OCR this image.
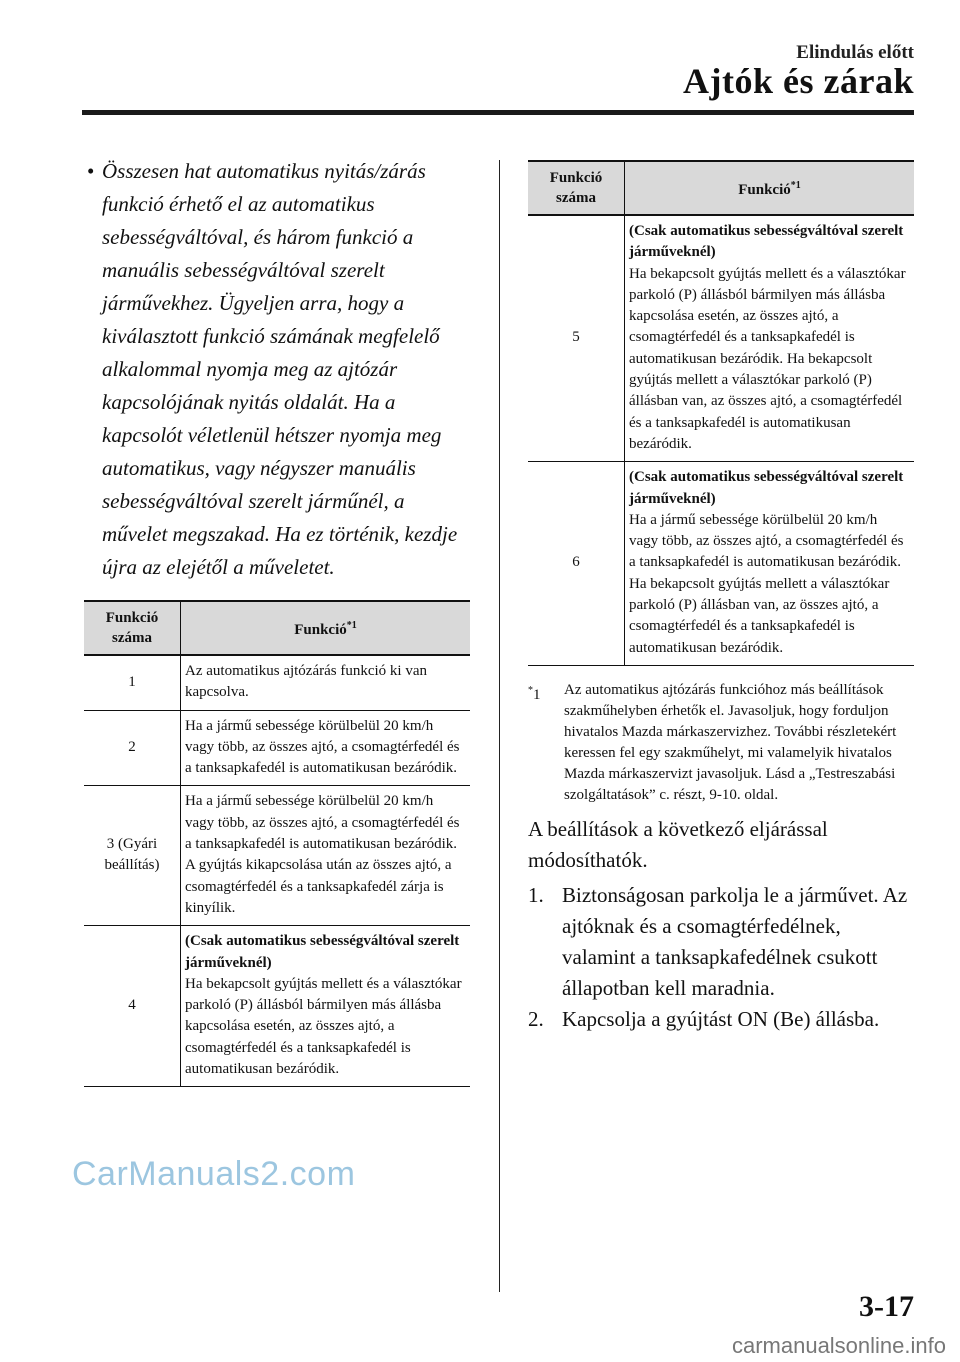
Elindulás előtt
Ajtók és zárak
• Összesen hat automatikus nyitás/zárás funkció érhető el az automatikus sebességváltóval, és három funkció a manuális sebességváltóval szerelt járművekhez. Ügyeljen arra, hogy a kiválasztott funkció számának megfelelő alkalommal nyomja meg az ajtózár kapcsolójának nyitás oldalát. Ha a kapcsolót véletlenül hétszer nyomja meg automatikus, vagy négyszer manuális sebességváltóval szerelt járműnél, a művelet megszakad. Ha ez történik, kezdje újra az elejétől a műveletet.
Funkció száma	Funkció$^{*1}$
1	Az automatikus ajtózárás funkció ki van kapcsolva.
2	Ha a jármű sebessége körülbelül 20 km/h vagy több, az összes ajtó, a csomagtérfedél és a tanksapkafedél is automatikusan bezáródik.
3 (Gyári beállítás)	Ha a jármű sebessége körülbelül 20 km/h vagy több, az összes ajtó, a csomagtérfedél és a tanksapkafedél is automatikusan bezáródik. A gyújtás kikapcsolása után az összes ajtó, a csomagtérfedél és a tanksapkafedél zárja is kinyílik.
4	(Csak automatikus sebességváltóval szerelt járműveknél)
Ha bekapcsolt gyújtás mellett és a választókar parkoló (P) állásból bármilyen más állásba kapcsolása esetén, az összes ajtó, a csomagtérfedél és a tanksapkafedél is automatikusan bezáródik.
Funkció száma	Funkció$^{*1}$
5	(Csak automatikus sebességváltóval szerelt járműveknél)
Ha bekapcsolt gyújtás mellett és a választókar parkoló (P) állásból bármilyen más állásba kapcsolása esetén, az összes ajtó, a csomagtérfedél és a tanksapkafedél is automatikusan bezáródik. Ha bekapcsolt gyújtás mellett a választókar parkoló (P) állásban van, az összes ajtó, a csomagtérfedél és a tanksapkafedél is automatikusan bezáródik.
6	(Csak automatikus sebességváltóval szerelt járműveknél)
Ha a jármű sebessége körülbelül 20 km/h vagy több, az összes ajtó, a csomagtérfedél és a tanksapkafedél is automatikusan bezáródik. Ha bekapcsolt gyújtás mellett a választókar parkoló (P) állásban van, az összes ajtó, a csomagtérfedél és a tanksapkafedél is automatikusan bezáródik.
*1 Az automatikus ajtózárás funkcióhoz más beállítások szakműhelyben érhetők el. Javasoljuk, hogy forduljon hivatalos Mazda márkaszervizhez. További részletekért keressen fel egy szakműhelyt, mi valamelyik hivatalos Mazda márkaszervizt javasoljuk. Lásd a „Testreszabási szolgáltatások” c. részt, 9-10. oldal.
A beállítások a következő eljárással módosíthatók.
1. Biztonságosan parkolja le a járművet. Az ajtóknak és a csomagtérfedélnek, valamint a tanksapkafedélnek csukott állapotban kell maradnia.
2. Kapcsolja a gyújtást ON (Be) állásba.
CarManuals2.com
3-17
carmanualsonline.info
